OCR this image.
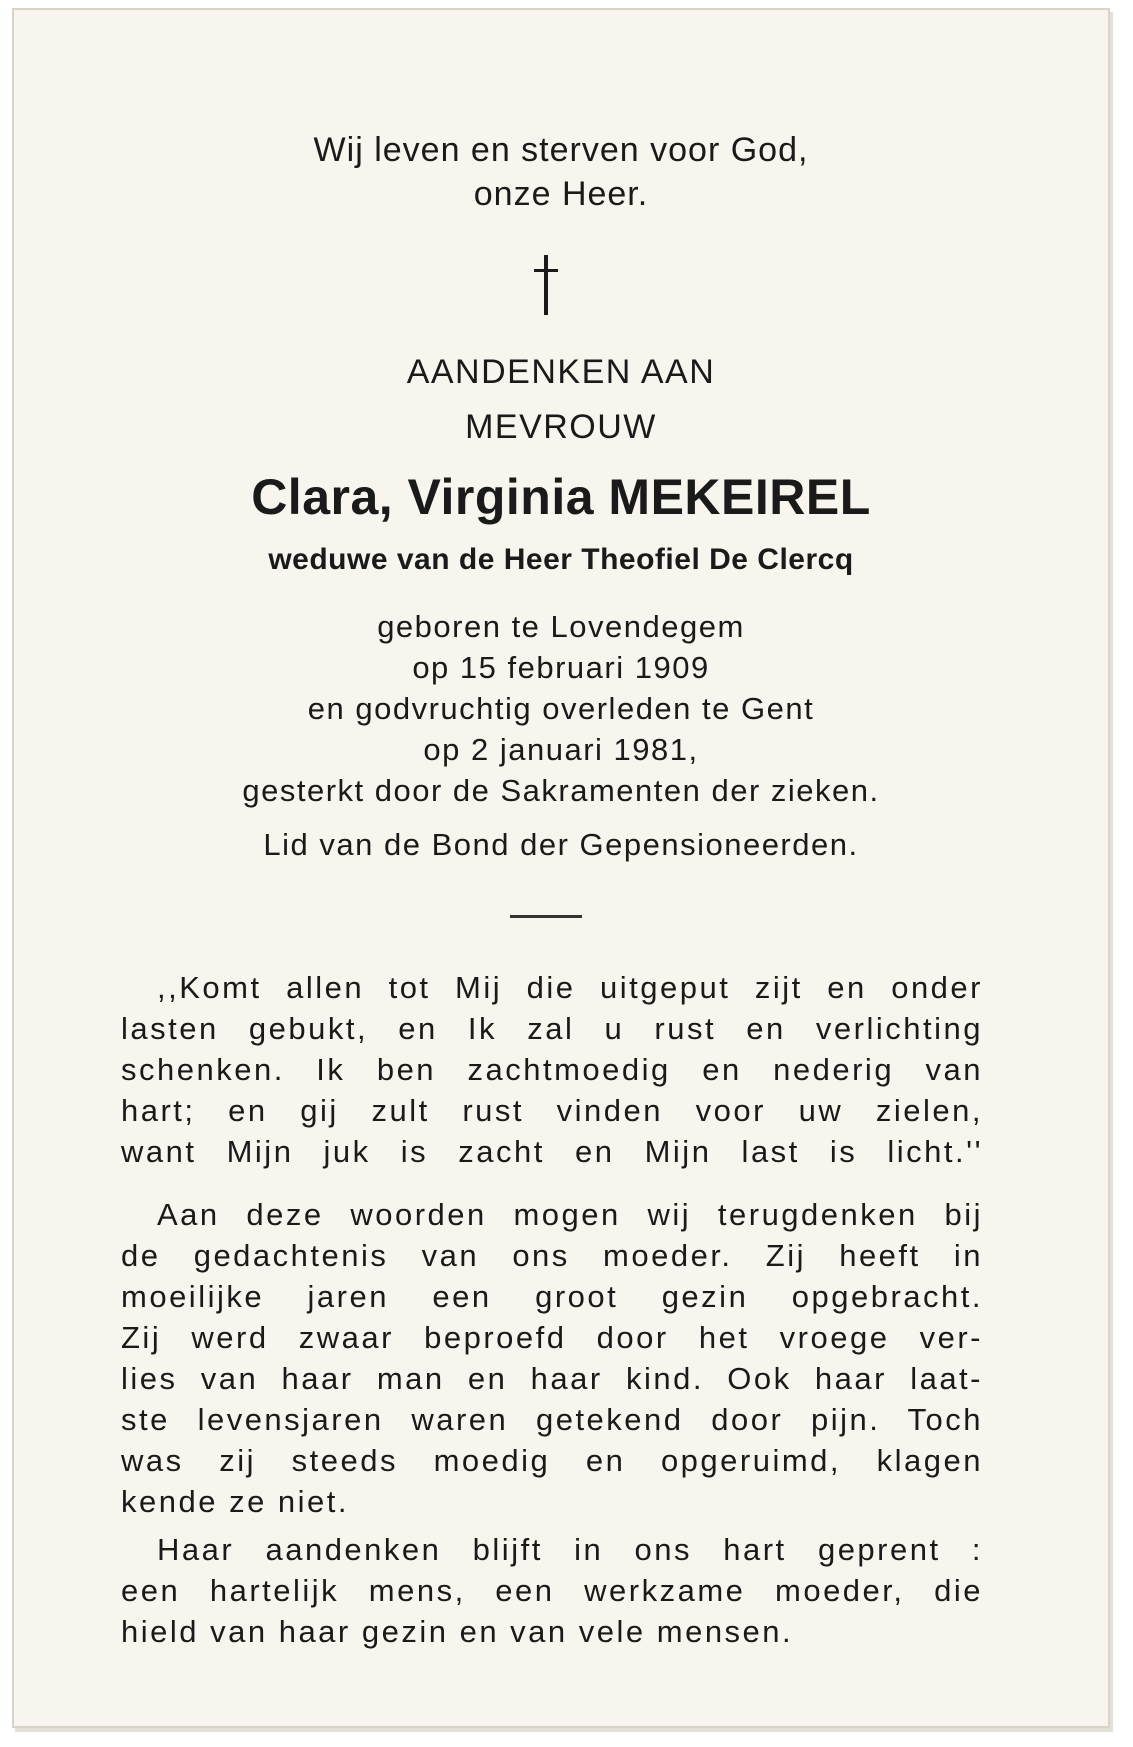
Wij leven en sterven voor God,
onze Heer.
AANDENKEN AAN
MEVROUW
Clara, Virginia MEKEIREL
weduwe van de Heer Theofiel De Clercq
geboren te Lovendegem
op 15 februari 1909
en godvruchtig overleden te Gent
op 2 januari 1981,
gesterkt door de Sakramenten der zieken.
Lid van de Bond der Gepensioneerden.
,,Komt allen tot Mij die uitgeput zijt en onder
lasten gebukt, en Ik zal u rust en verlichting
schenken. Ik ben zachtmoedig en nederig van
hart; en gij zult rust vinden voor uw zielen,
want Mijn juk is zacht en Mijn last is licht.''
Aan deze woorden mogen wij terugdenken bij
de gedachtenis van ons moeder. Zij heeft in
moeilijke jaren een groot gezin opgebracht.
Zij werd zwaar beproefd door het vroege ver-
lies van haar man en haar kind. Ook haar laat-
ste levensjaren waren getekend door pijn. Toch
was zij steeds moedig en opgeruimd, klagen
kende ze niet.
Haar aandenken blijft in ons hart geprent :
een hartelijk mens, een werkzame moeder, die
hield van haar gezin en van vele mensen.
